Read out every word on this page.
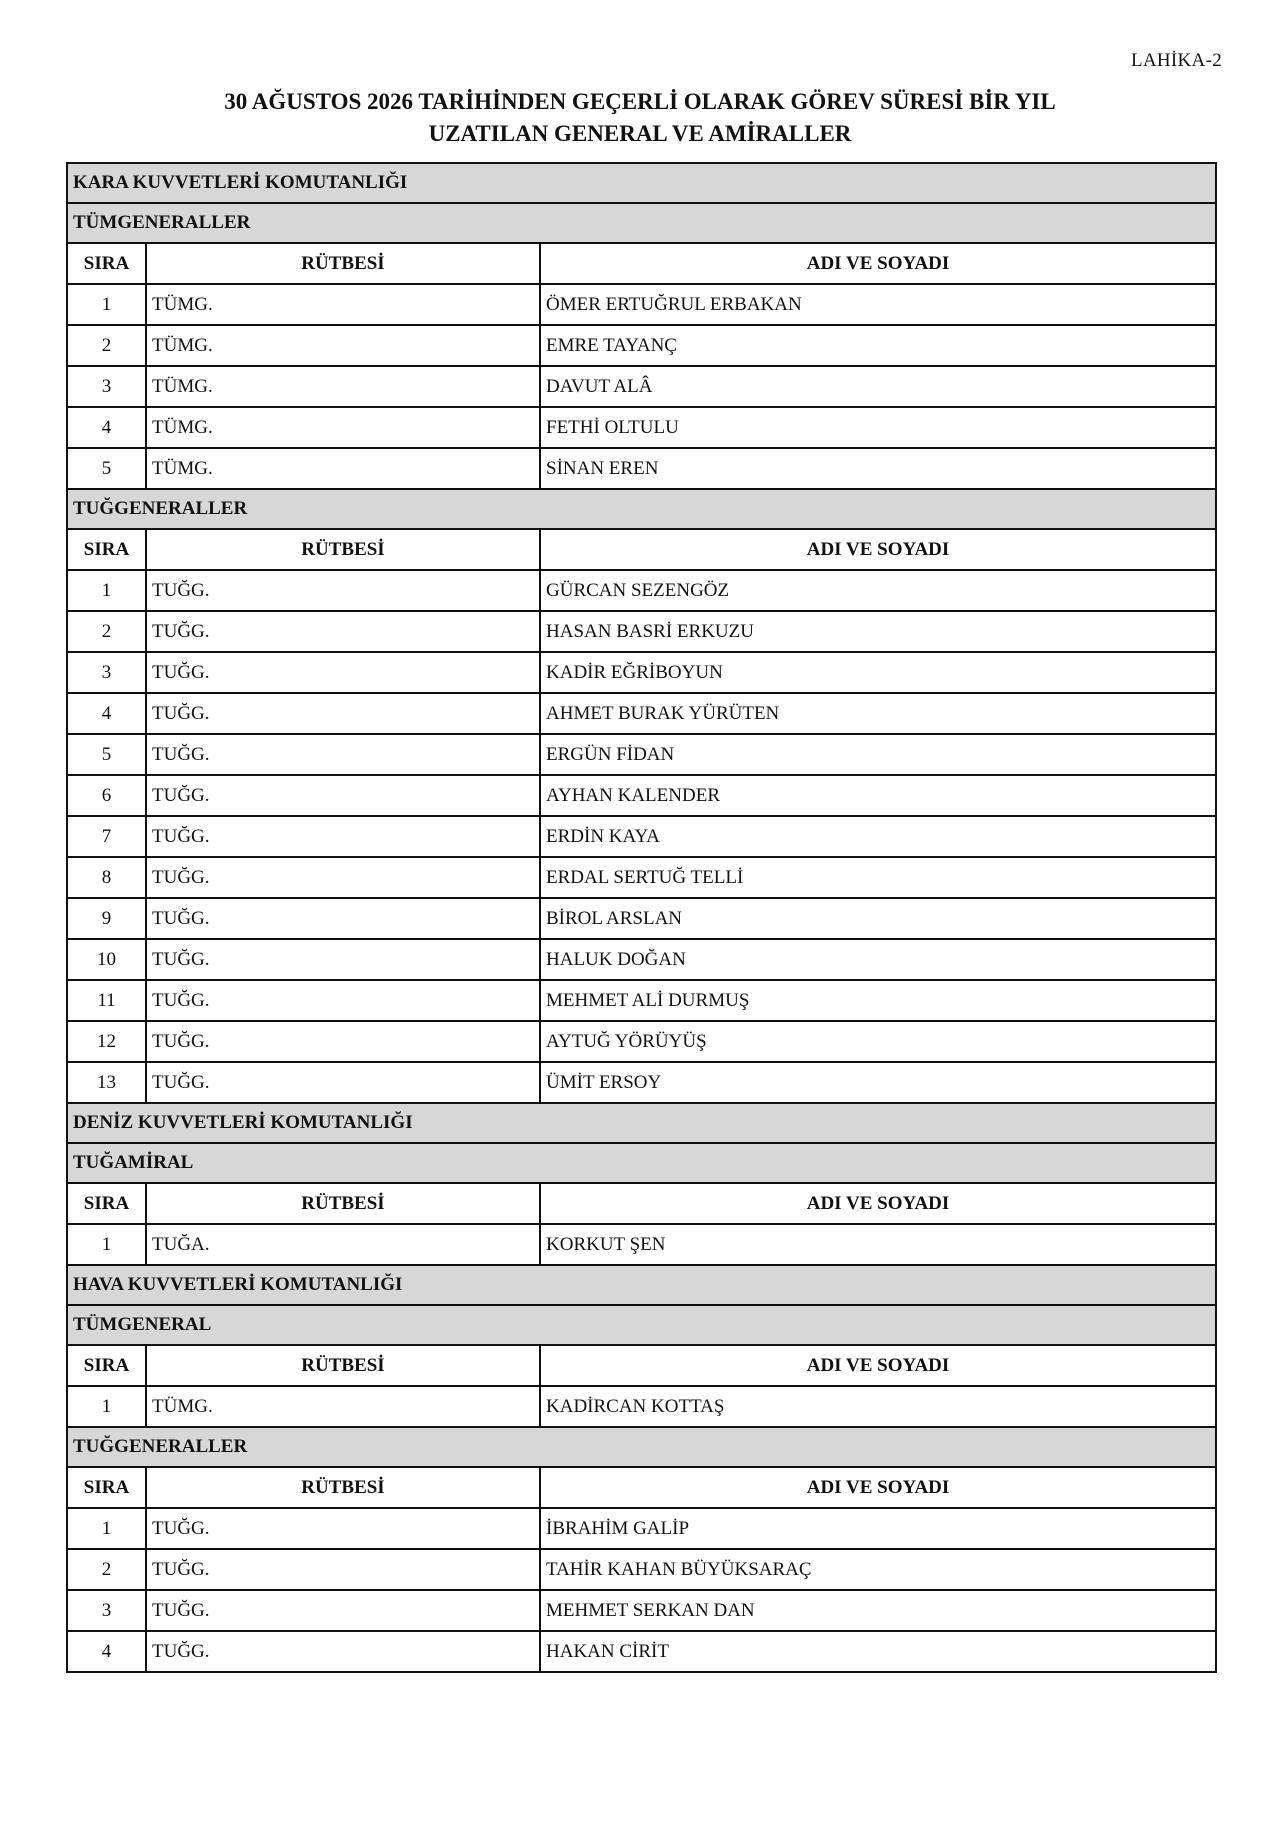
LAHİKA-2
30 AĞUSTOS 2026 TARİHİNDEN GEÇERLİ OLARAK GÖREV SÜRESİ BİR YIL
UZATILAN GENERAL VE AMİRALLER
KARA KUVVETLERİ KOMUTANLIĞI		
TÜMGENERALLER		
SIRA	RÜTBESİ	ADI VE SOYADI
1	TÜMG.	ÖMER ERTUĞRUL ERBAKAN
2	TÜMG.	EMRE TAYANÇ
3	TÜMG.	DAVUT ALÂ
4	TÜMG.	FETHİ OLTULU
5	TÜMG.	SİNAN EREN
TUĞGENERALLER		
SIRA	RÜTBESİ	ADI VE SOYADI
1	TUĞG.	GÜRCAN SEZENGÖZ
2	TUĞG.	HASAN BASRİ ERKUZU
3	TUĞG.	KADİR EĞRİBOYUN
4	TUĞG.	AHMET BURAK YÜRÜTEN
5	TUĞG.	ERGÜN FİDAN
6	TUĞG.	AYHAN KALENDER
7	TUĞG.	ERDİN KAYA
8	TUĞG.	ERDAL SERTUĞ TELLİ
9	TUĞG.	BİROL ARSLAN
10	TUĞG.	HALUK DOĞAN
11	TUĞG.	MEHMET ALİ DURMUŞ
12	TUĞG.	AYTUĞ YÖRÜYÜŞ
13	TUĞG.	ÜMİT ERSOY
DENİZ KUVVETLERİ KOMUTANLIĞI		
TUĞAMİRAL		
SIRA	RÜTBESİ	ADI VE SOYADI
1	TUĞA.	KORKUT ŞEN
HAVA KUVVETLERİ KOMUTANLIĞI		
TÜMGENERAL		
SIRA	RÜTBESİ	ADI VE SOYADI
1	TÜMG.	KADİRCAN KOTTAŞ
TUĞGENERALLER		
SIRA	RÜTBESİ	ADI VE SOYADI
1	TUĞG.	İBRAHİM GALİP
2	TUĞG.	TAHİR KAHAN BÜYÜKSARAÇ
3	TUĞG.	MEHMET SERKAN DAN
4	TUĞG.	HAKAN CİRİT
